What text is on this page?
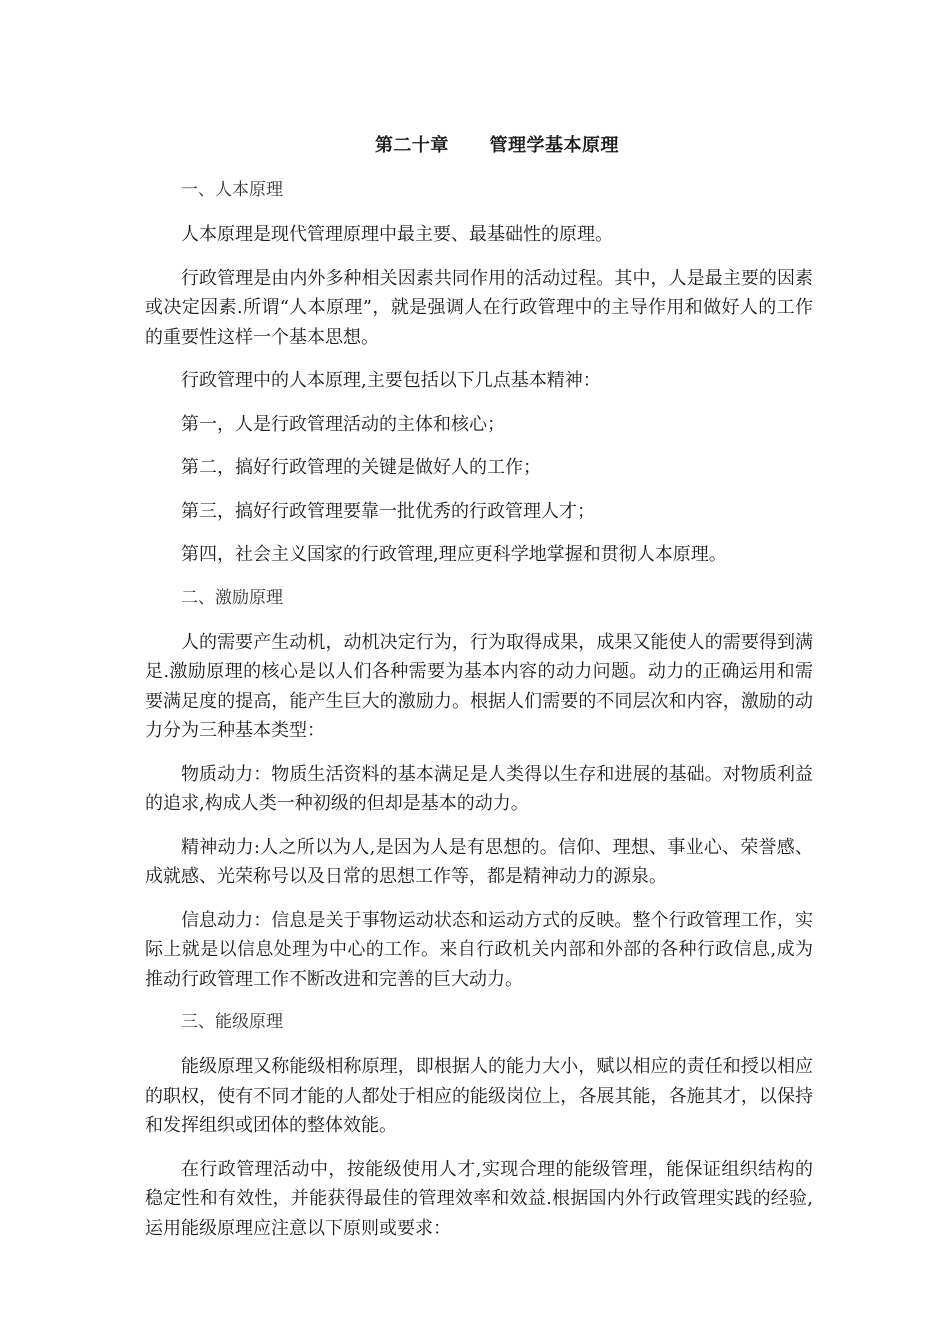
第二十章      管理学基本原理
一、人本原理

人本原理是现代管理原理中最主要、最基础性的原理。

行政管理是由内外多种相关因素共同作用的活动过程。其中，人是最主要的因素或决定因素.所谓“人本原理”，就是强调人在行政管理中的主导作用和做好人的工作的重要性这样一个基本思想。

行政管理中的人本原理,主要包括以下几点基本精神：

第一，人是行政管理活动的主体和核心；

第二，搞好行政管理的关键是做好人的工作；

第三，搞好行政管理要靠一批优秀的行政管理人才；

第四，社会主义国家的行政管理,理应更科学地掌握和贯彻人本原理。

二、激励原理

人的需要产生动机，动机决定行为，行为取得成果，成果又能使人的需要得到满足.激励原理的核心是以人们各种需要为基本内容的动力问题。动力的正确运用和需要满足度的提高，能产生巨大的激励力。根据人们需要的不同层次和内容，激励的动力分为三种基本类型：

物质动力：物质生活资料的基本满足是人类得以生存和进展的基础。对物质利益的追求,构成人类一种初级的但却是基本的动力。

精神动力:人之所以为人,是因为人是有思想的。信仰、理想、事业心、荣誉感、成就感、光荣称号以及日常的思想工作等，都是精神动力的源泉。

信息动力：信息是关于事物运动状态和运动方式的反映。整个行政管理工作，实际上就是以信息处理为中心的工作。来自行政机关内部和外部的各种行政信息,成为推动行政管理工作不断改进和完善的巨大动力。

三、能级原理

能级原理又称能级相称原理，即根据人的能力大小，赋以相应的责任和授以相应的职权，使有不同才能的人都处于相应的能级岗位上，各展其能，各施其才，以保持和发挥组织或团体的整体效能。

在行政管理活动中，按能级使用人才,实现合理的能级管理，能保证组织结构的稳定性和有效性，并能获得最佳的管理效率和效益.根据国内外行政管理实践的经验,运用能级原理应注意以下原则或要求：
